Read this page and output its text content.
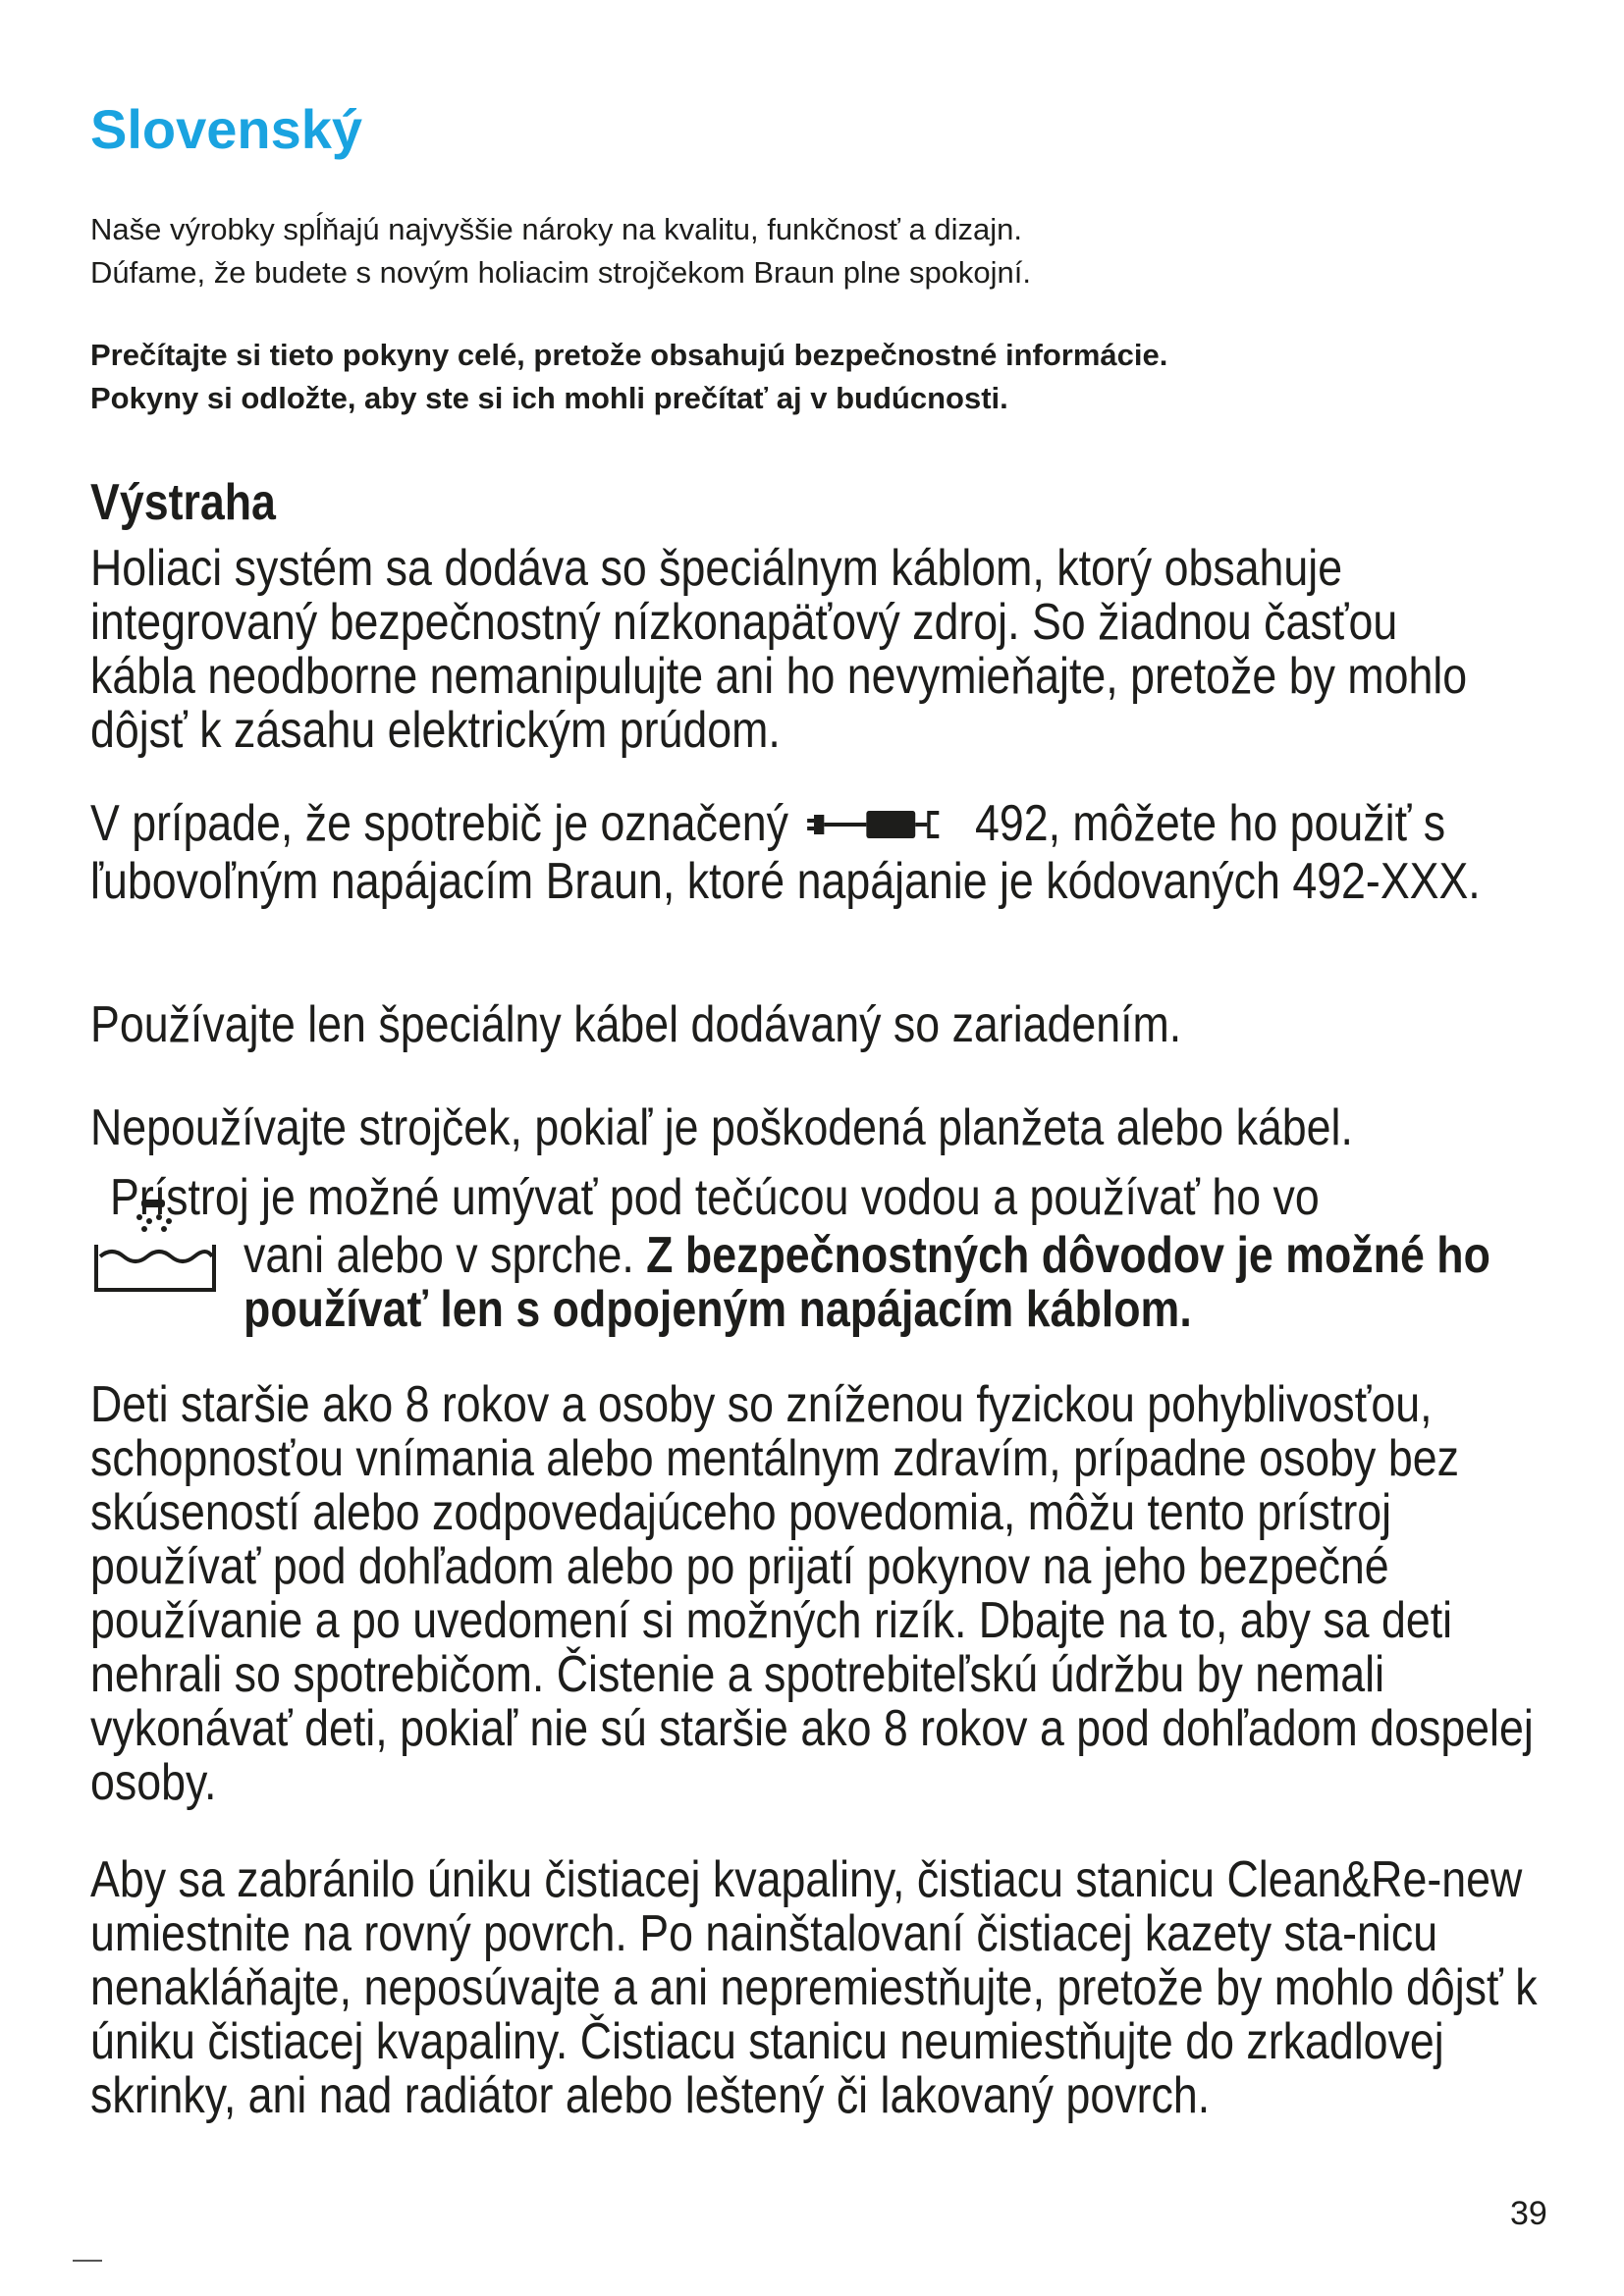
Slovenský
Naše výrobky spĺňajú najvyššie nároky na kvalitu, funkčnosť a dizajn.
Dúfame, že budete s novým holiacim strojčekom Braun plne spokojní.
Prečítajte si tieto pokyny celé, pretože obsahujú bezpečnostné informácie.
Pokyny si odložte, aby ste si ich mohli prečítať aj v budúcnosti.
Výstraha

Holiaci systém sa dodáva so špeciálnym káblom, ktorý obsahuje integrovaný bezpečnostný nízkonapäťový zdroj. So žiadnou časťou kábla neodborne nemanipulujte ani ho nevymieňajte, pretože by mohlo dôjsť k zásahu elektrickým prúdom.

V prípade, že spotrebič je označený	492, môžete ho použiť s ľubovoľným napájacím Braun, ktoré napájanie je kódovaných 492-XXX.

Používajte len špeciálny kábel dodávaný so zariadením.

Nepoužívajte strojček, pokiaľ je poškodená planžeta alebo kábel.

Prístroj je možné umývať pod tečúcou vodou a používať ho vo

vani alebo v sprche. Z bezpečnostných dôvodov je možné ho používať len s odpojeným napájacím káblom.

Deti staršie ako 8 rokov a osoby so zníženou fyzickou pohyblivosťou, schopnosťou vnímania alebo mentálnym zdravím, prípadne osoby bez skúseností alebo zodpovedajúceho povedomia, môžu tento prístroj používať pod dohľadom alebo po prijatí pokynov na jeho bezpečné používanie a po uvedomení si možných rizík. Dbajte na to, aby sa deti nehrali so spotrebičom. Čistenie a spotrebiteľskú údržbu by nemali vykonávať deti, pokiaľ nie sú staršie ako 8 rokov a pod dohľadom dospelej osoby.

Aby sa zabránilo úniku čistiacej kvapaliny, čistiacu stanicu Clean&Re-new umiestnite na rovný povrch. Po nainštalovaní čistiacej kazety sta-nicu nenakláňajte, neposúvajte a ani nepremiestňujte, pretože by mohlo dôjsť k úniku čistiacej kvapaliny. Čistiacu stanicu neumiestňujte do zrkadlovej skrinky, ani nad radiátor alebo leštený či lakovaný povrch.

39
